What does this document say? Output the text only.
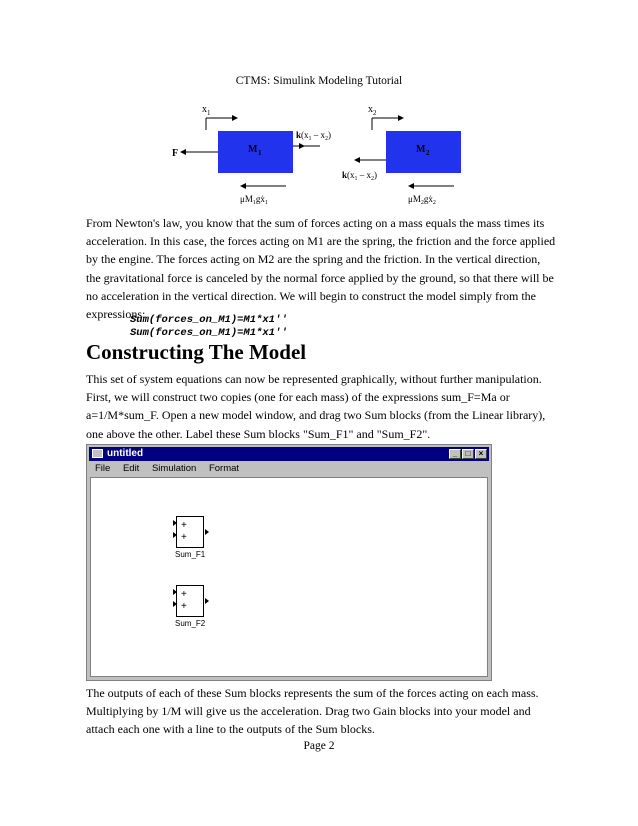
CTMS: Simulink Modeling Tutorial
x 1	x 2
M 1	M 2
F
$k(x_1 - x_2)$
$k(x_1 - x_2)$
$\mu M_1gẋ_1$	$\mu M_2gẋ_2$
From Newton's law, you know that the sum of forces acting on a mass equals the mass times its acceleration. In this case, the forces acting on M1 are the spring, the friction and the force applied by the engine. The forces acting on M2 are the spring and the friction. In the vertical direction, the gravitational force is canceled by the normal force applied by the ground, so that there will be no acceleration in the vertical direction. We will begin to construct the model simply from the expressions:
Sum(forces_on_M1)=M1*x1''
Sum(forces_on_M1)=M1*x1''
Constructing The Model
This set of system equations can now be represented graphically, without further manipulation. First, we will construct two copies (one for each mass) of the expressions sum_F=Ma or a=1/M*sum_F. Open a new model window, and drag two Sum blocks (from the Linear library), one above the other. Label these Sum blocks "Sum_F1" and "Sum_F2".
untitled	_	□	×
File Edit Simulation Format
+
+
Sum_F1
+
+
Sum_F2
The outputs of each of these Sum blocks represents the sum of the forces acting on each mass. Multiplying by 1/M will give us the acceleration. Drag two Gain blocks into your model and attach each one with a line to the outputs of the Sum blocks.
Page 2
